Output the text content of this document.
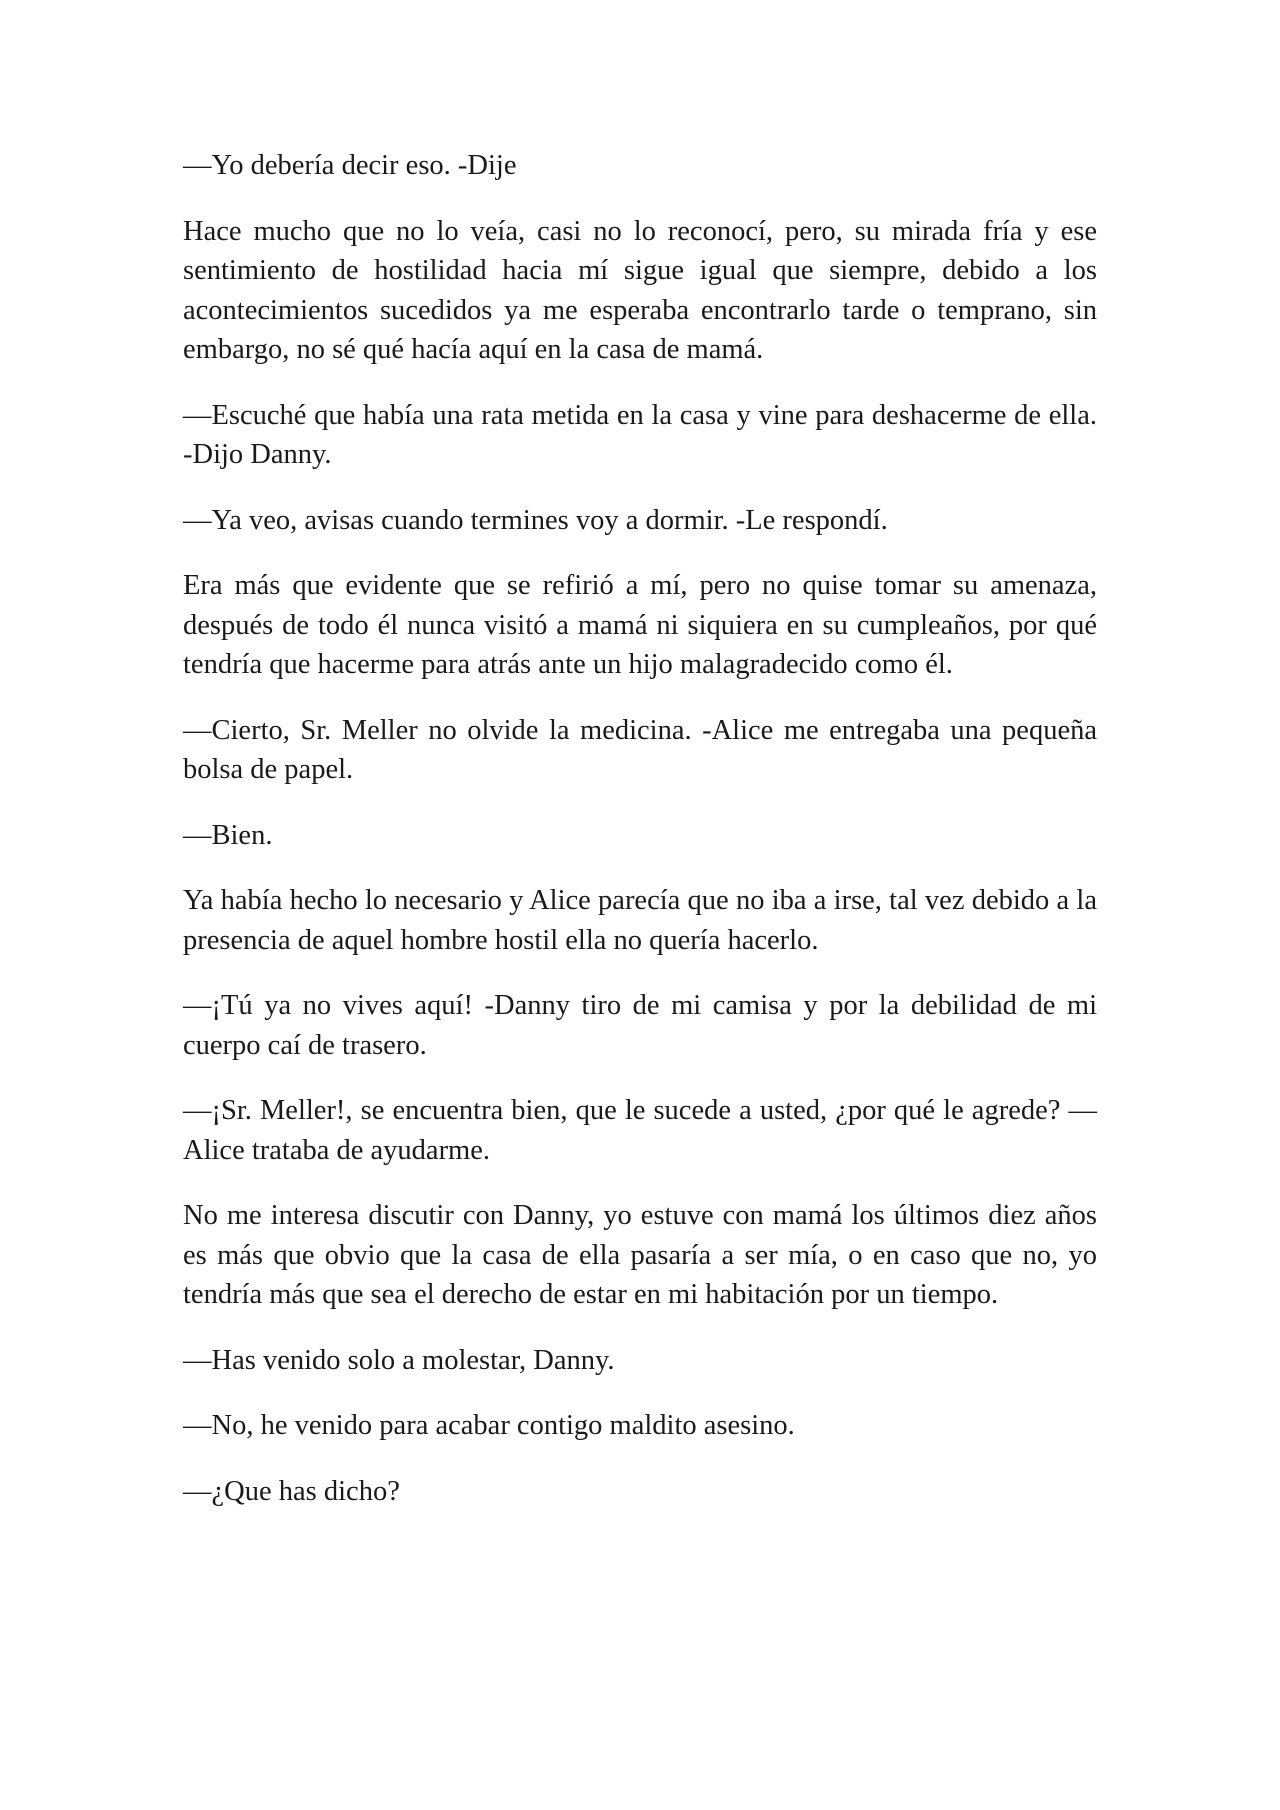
—Yo debería decir eso. -Dije

Hace mucho que no lo veía, casi no lo reconocí, pero, su mirada fría y ese sentimiento de hostilidad hacia mí sigue igual que siempre, debido a los acontecimientos sucedidos ya me esperaba encontrarlo tarde o temprano, sin embargo, no sé qué hacía aquí en la casa de mamá.

—Escuché que había una rata metida en la casa y vine para deshacerme de ella. -Dijo Danny.

—Ya veo, avisas cuando termines voy a dormir. -Le respondí.

Era más que evidente que se refirió a mí, pero no quise tomar su amenaza, después de todo él nunca visitó a mamá ni siquiera en su cumpleaños, por qué tendría que hacerme para atrás ante un hijo malagradecido como él.

—Cierto, Sr. Meller no olvide la medicina. -Alice me entregaba una pequeña bolsa de papel.

—Bien.

Ya había hecho lo necesario y Alice parecía que no iba a irse, tal vez debido a la presencia de aquel hombre hostil ella no quería hacerlo.

—¡Tú ya no vives aquí! -Danny tiro de mi camisa y por la debilidad de mi cuerpo caí de trasero.

—¡Sr. Meller!, se encuentra bien, que le sucede a usted, ¿por qué le agrede? —Alice trataba de ayudarme.

No me interesa discutir con Danny, yo estuve con mamá los últimos diez años es más que obvio que la casa de ella pasaría a ser mía, o en caso que no, yo tendría más que sea el derecho de estar en mi habitación por un tiempo.

—Has venido solo a molestar, Danny.

—No, he venido para acabar contigo maldito asesino.

—¿Que has dicho?
